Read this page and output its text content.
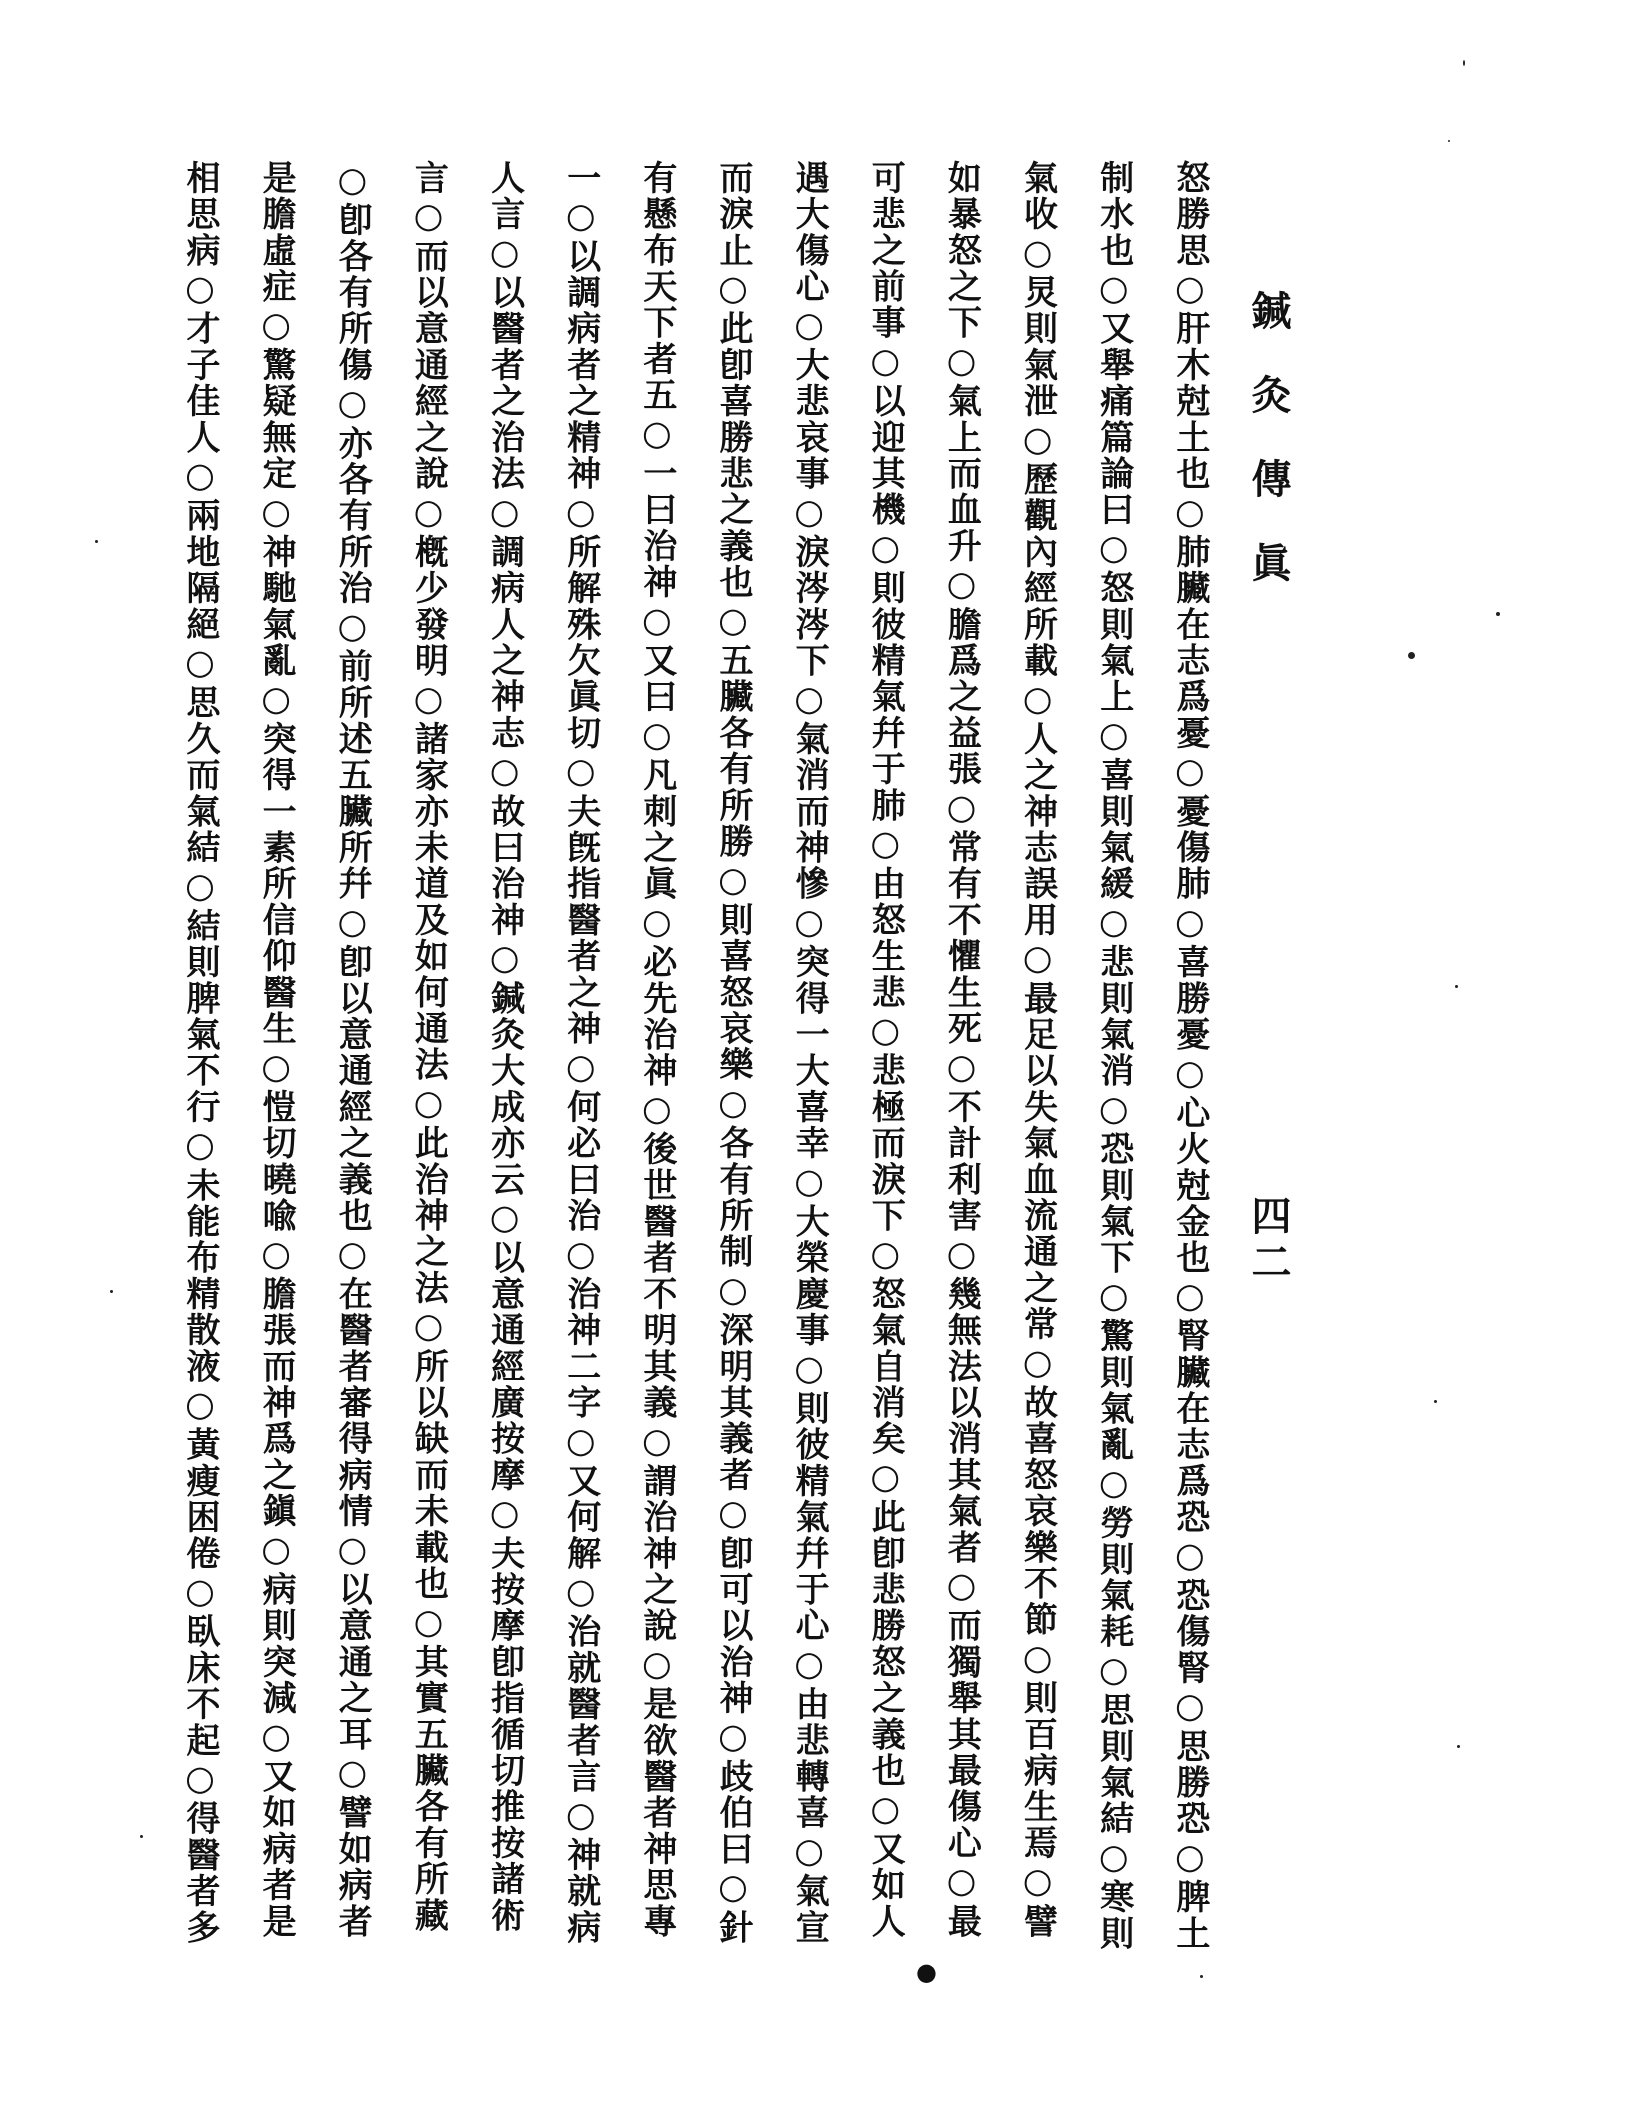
鍼灸傳眞
四二
怒勝思○肝木尅土也○肺臟在志爲憂○憂傷肺○喜勝憂○心火尅金也○腎臟在志爲恐○恐傷腎○思勝恐○脾土
制水也○又舉痛篇論曰○怒則氣上○喜則氣緩○悲則氣消○恐則氣下○驚則氣亂○勞則氣耗○思則氣結○寒則
氣收○炅則氣泄○歷觀內經所載○人之神志誤用○最足以失氣血流通之常○故喜怒哀樂不節○則百病生焉○譬
如暴怒之下○氣上而血升○膽爲之益張○常有不懼生死○不計利害○幾無法以消其氣者○而獨舉其最傷心○最
可悲之前事○以迎其機○則彼精氣幷于肺○由怒生悲○悲極而淚下○怒氣自消矣○此卽悲勝怒之義也○又如人
遇大傷心○大悲哀事○淚涔涔下○氣消而神慘○突得一大喜幸○大榮慶事○則彼精氣幷于心○由悲轉喜○氣宣
而淚止○此卽喜勝悲之義也○五臟各有所勝○則喜怒哀樂○各有所制○深明其義者○卽可以治神○歧伯曰○針
有懸布天下者五○一曰治神○又曰○凡刺之眞○必先治神○後世醫者不明其義○謂治神之說○是欲醫者神思專
一○以調病者之精神○所解殊欠眞切○夫旣指醫者之神○何必曰治○治神二字○又何解○治就醫者言○神就病
人言○以醫者之治法○調病人之神志○故曰治神○鍼灸大成亦云○以意通經廣按摩○夫按摩卽指循切推按諸術
言○而以意通經之說○槪少發明○諸家亦未道及如何通法○此治神之法○所以缺而未載也○其實五臟各有所藏
○卽各有所傷○亦各有所治○前所述五臟所幷○卽以意通經之義也○在醫者審得病情○以意通之耳○譬如病者
是膽虛症○驚疑無定○神馳氣亂○突得一素所信仰醫生○愷切曉喩○膽張而神爲之鎭○病則突減○又如病者是
相思病○才子佳人○兩地隔絕○思久而氣結○結則脾氣不行○未能布精散液○黃瘦困倦○臥床不起○得醫者多
●
